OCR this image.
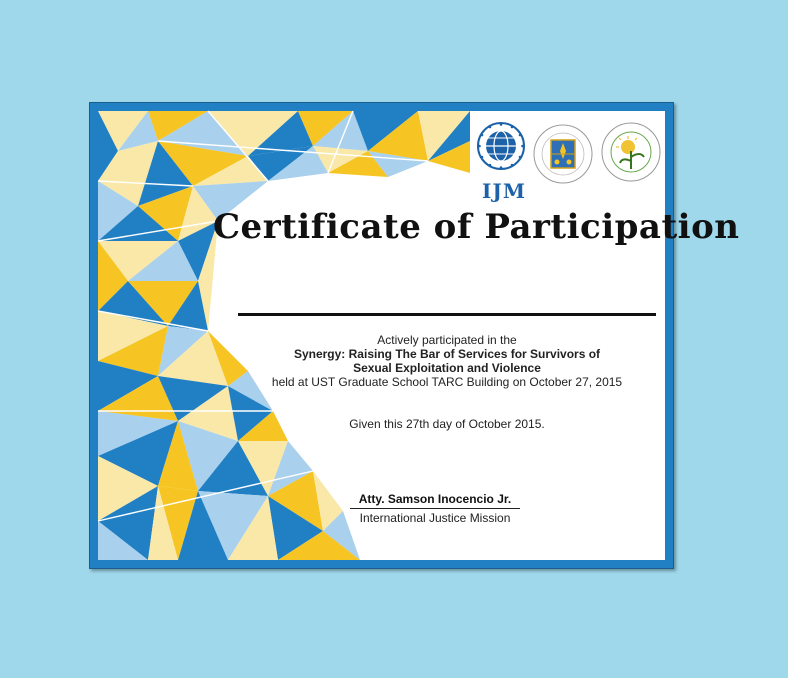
IJM
Certificate of Participation
Actively participated in the
Synergy: Raising The Bar of Services for Survivors of
Sexual Exploitation and Violence
held at UST Graduate School TARC Building on October 27, 2015
Given this 27th day of October 2015.
Atty. Samson Inocencio Jr.
International Justice Mission
